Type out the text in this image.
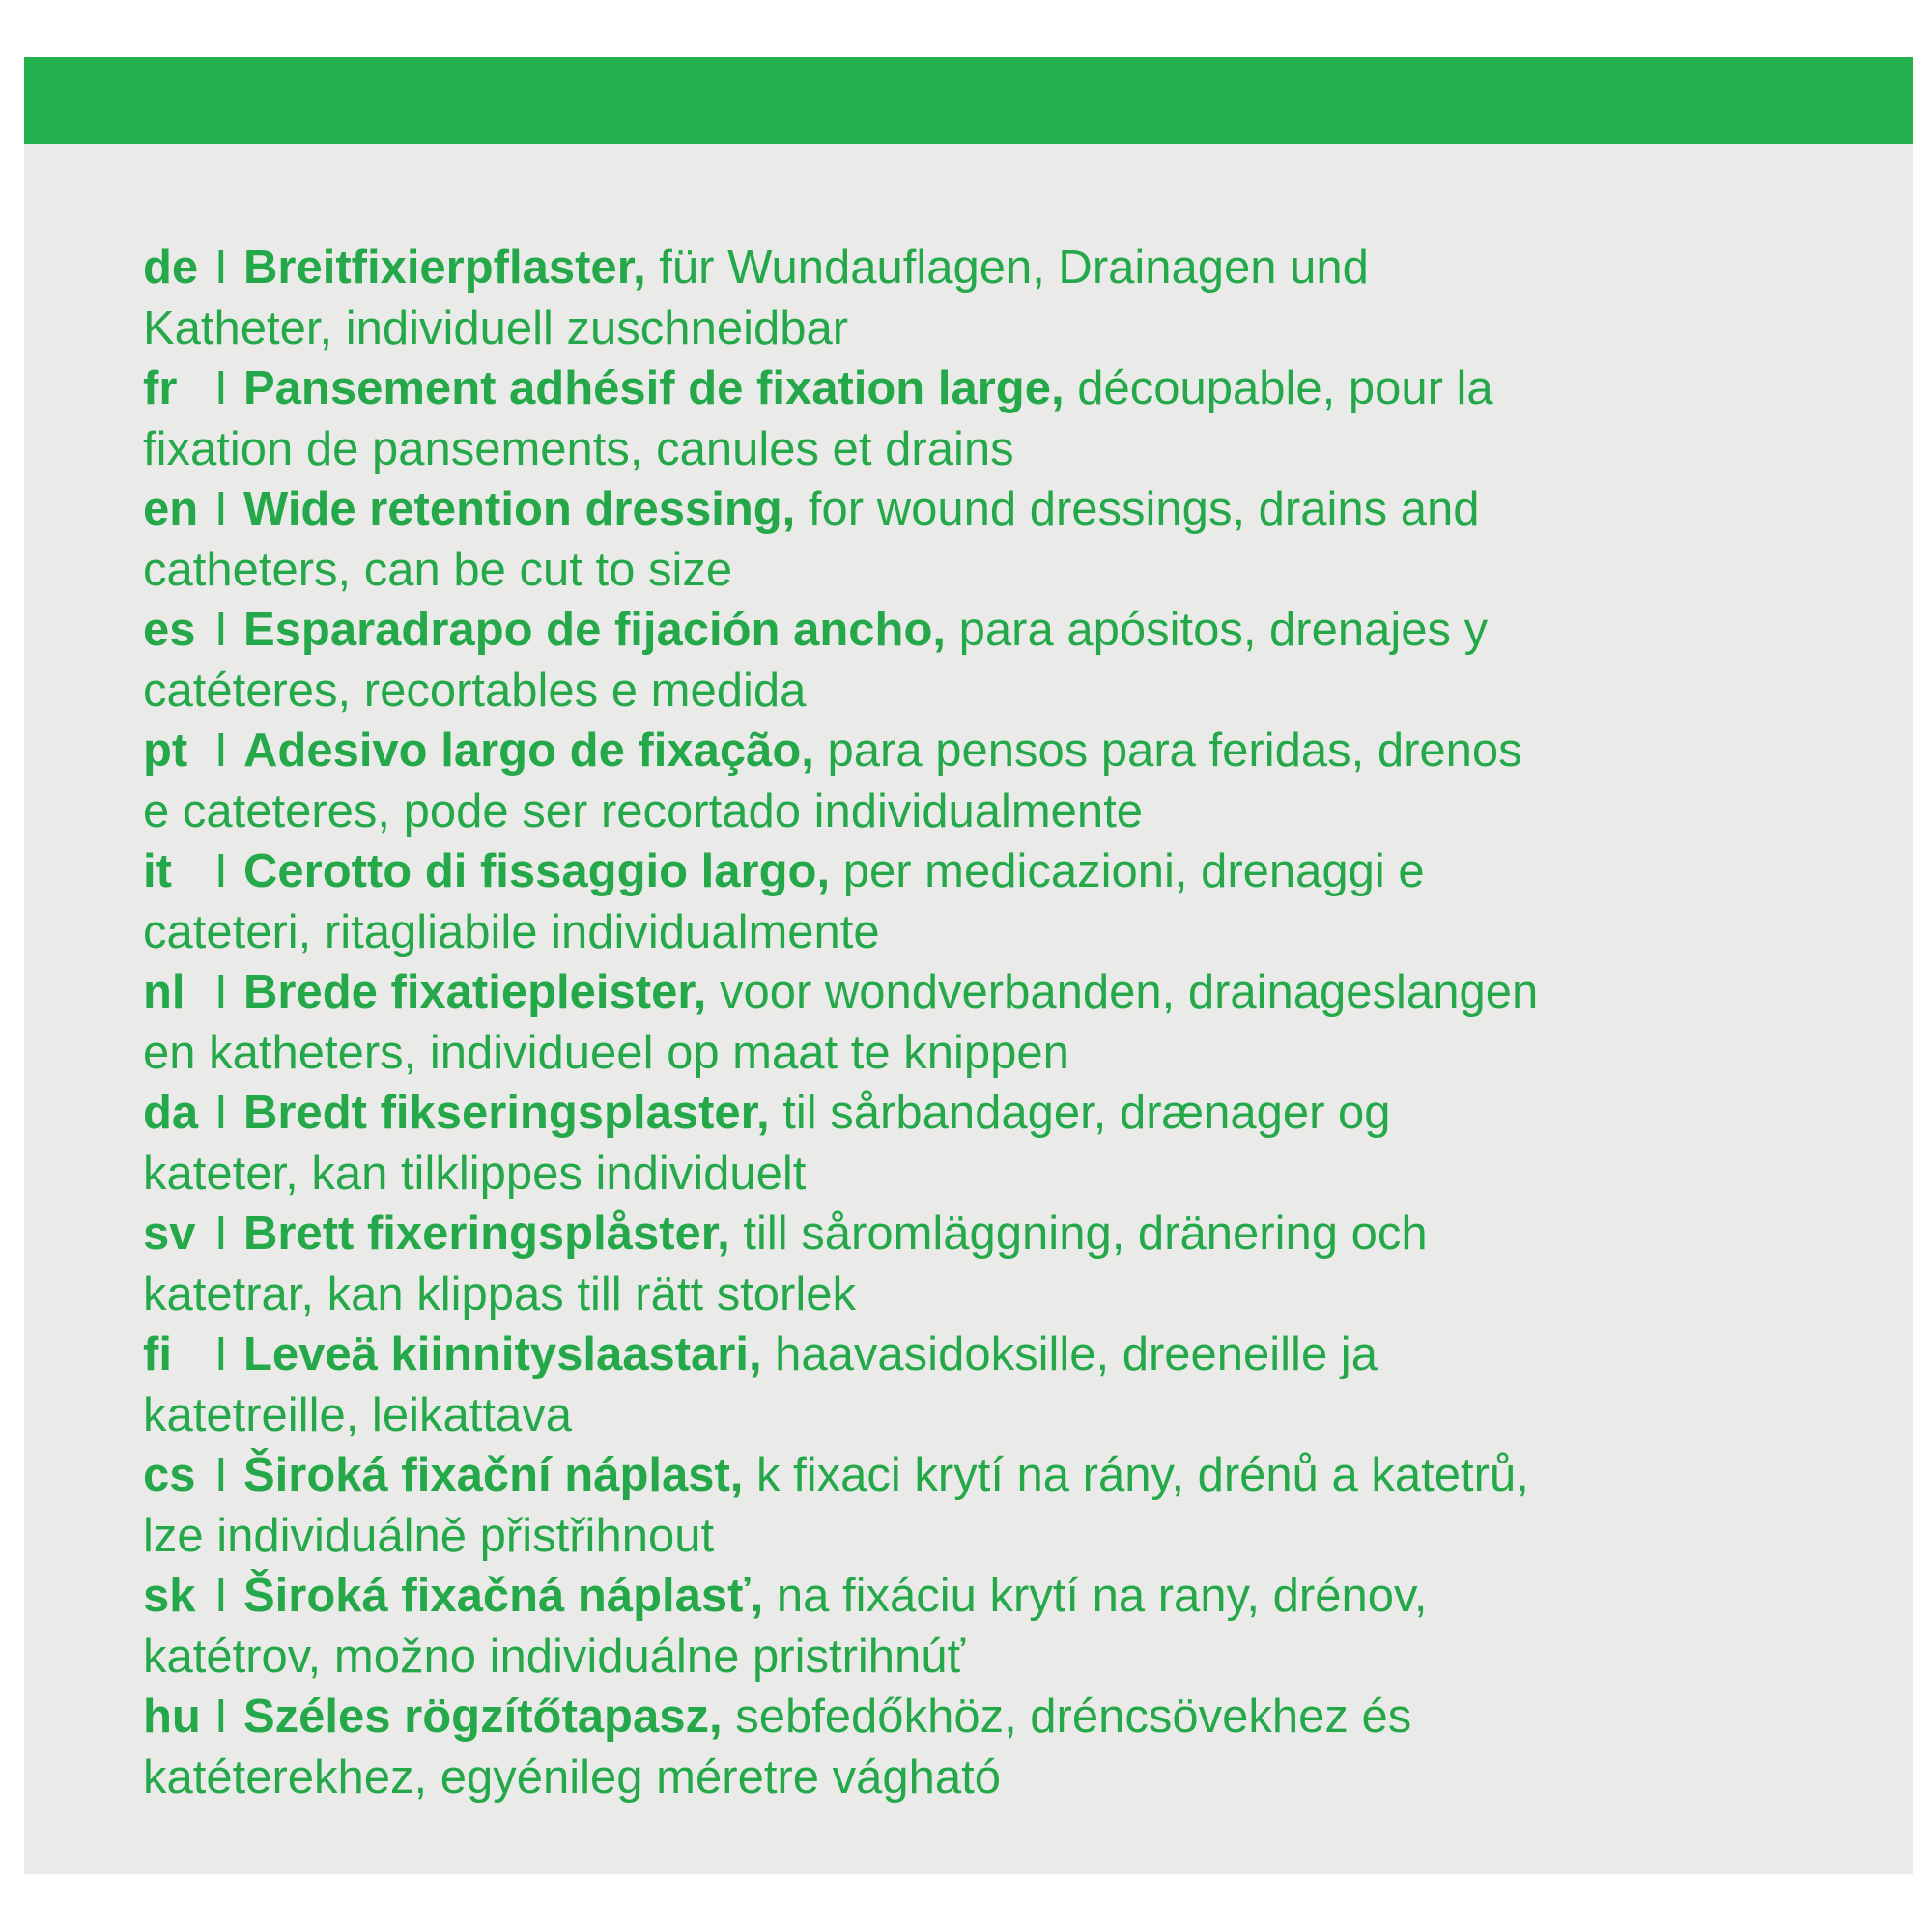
de I Breitfixierpflaster, für Wundauflagen, Drainagen und
Katheter, individuell zuschneidbar
fr I Pansement adhésif de fixation large, découpable, pour la
fixation de pansements, canules et drains
en I Wide retention dressing, for wound dressings, drains and
catheters, can be cut to size
es I Esparadrapo de fijación ancho, para apósitos, drenajes y
catéteres, recortables e medida
pt I Adesivo largo de fixação, para pensos para feridas, drenos
e cateteres, pode ser recortado individualmente
it I Cerotto di fissaggio largo, per medicazioni, drenaggi e
cateteri, ritagliabile individualmente
nl I Brede fixatiepleister, voor wondverbanden, drainageslangen
en katheters, individueel op maat te knippen
da I Bredt fikseringsplaster, til sårbandager, drænager og
kateter, kan tilklippes individuelt
sv I Brett fixeringsplåster, till såromläggning, dränering och
katetrar, kan klippas till rätt storlek
fi I Leveä kiinnityslaastari, haavasidoksille, dreeneille ja
katetreille, leikattava
cs I Široká fixační náplast, k fixaci krytí na rány, drénů a katetrů,
lze individuálně přistřihnout
sk I Široká fixačná náplasť, na fixáciu krytí na rany, drénov,
katétrov, možno individuálne pristrihnúť
hu I Széles rögzítőtapasz, sebfedőkhöz, dréncsövekhez és
katéterekhez, egyénileg méretre vágható
